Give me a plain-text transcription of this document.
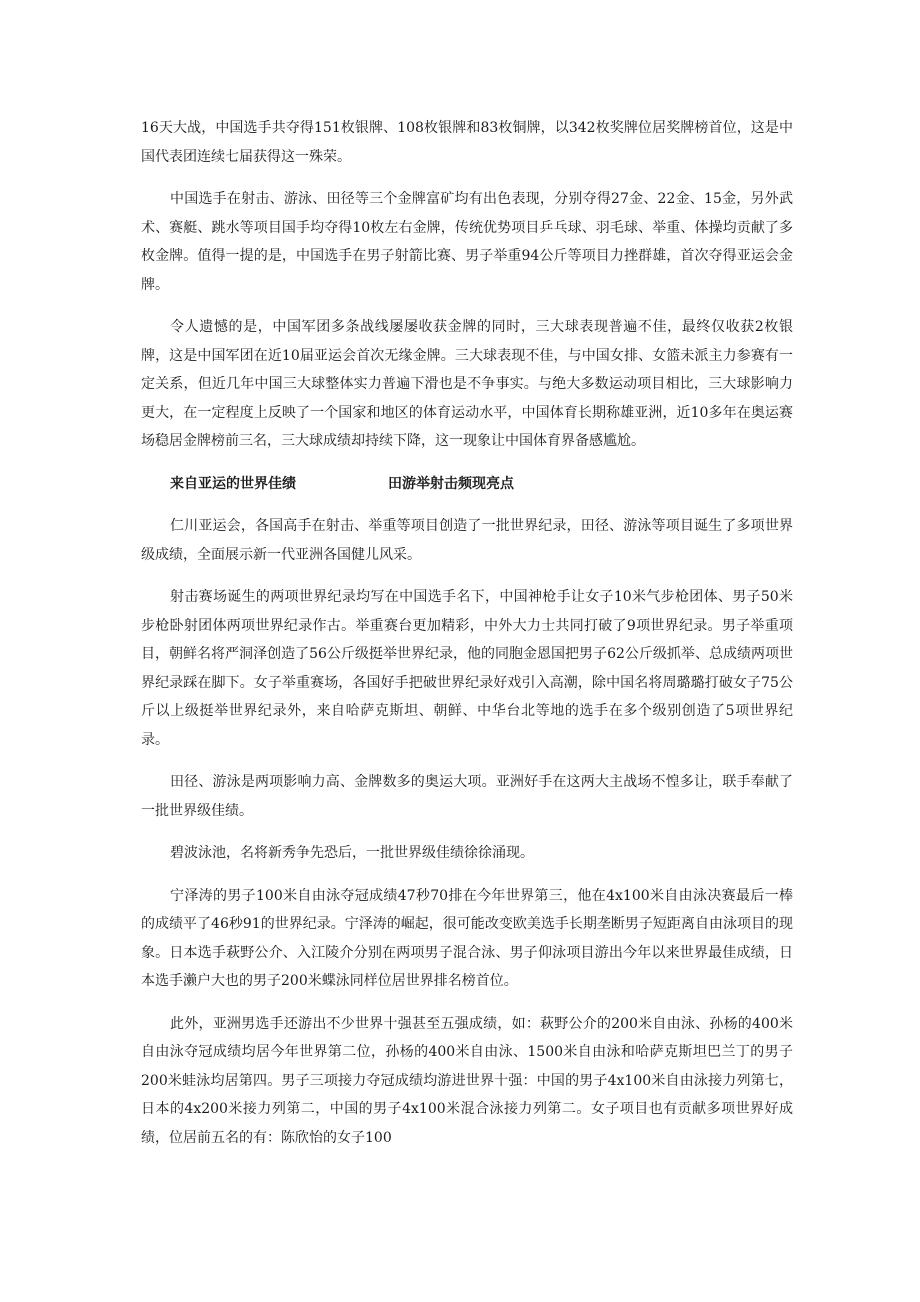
16天大战，中国选手共夺得151枚银牌、108枚银牌和83枚铜牌，以342枚奖牌位居奖牌榜首位，这是中国代表团连续七届获得这一殊荣。

中国选手在射击、游泳、田径等三个金牌富矿均有出色表现，分别夺得27金、22金、15金，另外武术、赛艇、跳水等项目国手均夺得10枚左右金牌，传统优势项目乒乓球、羽毛球、举重、体操均贡献了多枚金牌。值得一提的是，中国选手在男子射箭比赛、男子举重94公斤等项目力挫群雄，首次夺得亚运会金牌。

令人遗憾的是，中国军团多条战线屡屡收获金牌的同时，三大球表现普遍不佳，最终仅收获2枚银牌，这是中国军团在近10届亚运会首次无缘金牌。三大球表现不佳，与中国女排、女篮未派主力参赛有一定关系，但近几年中国三大球整体实力普遍下滑也是不争事实。与绝大多数运动项目相比，三大球影响力更大，在一定程度上反映了一个国家和地区的体育运动水平，中国体育长期称雄亚洲，近10多年在奥运赛场稳居金牌榜前三名，三大球成绩却持续下降，这一现象让中国体育界备感尴尬。

来自亚运的世界佳绩	田游举射击频现亮点

仁川亚运会，各国高手在射击、举重等项目创造了一批世界纪录，田径、游泳等项目诞生了多项世界级成绩，全面展示新一代亚洲各国健儿风采。

射击赛场诞生的两项世界纪录均写在中国选手名下，中国神枪手让女子10米气步枪团体、男子50米步枪卧射团体两项世界纪录作古。举重赛台更加精彩，中外大力士共同打破了9项世界纪录。男子举重项目，朝鲜名将严洞泽创造了56公斤级挺举世界纪录，他的同胞金恩国把男子62公斤级抓举、总成绩两项世界纪录踩在脚下。女子举重赛场，各国好手把破世界纪录好戏引入高潮，除中国名将周璐璐打破女子75公斤以上级挺举世界纪录外，来自哈萨克斯坦、朝鲜、中华台北等地的选手在多个级别创造了5项世界纪录。

田径、游泳是两项影响力高、金牌数多的奥运大项。亚洲好手在这两大主战场不惶多让，联手奉献了一批世界级佳绩。

碧波泳池，名将新秀争先恐后，一批世界级佳绩徐徐涌现。

宁泽涛的男子100米自由泳夺冠成绩47秒70排在今年世界第三，他在4x100米自由泳决赛最后一棒的成绩平了46秒91的世界纪录。宁泽涛的崛起，很可能改变欧美选手长期垄断男子短距离自由泳项目的现象。日本选手萩野公介、入江陵介分别在两项男子混合泳、男子仰泳项目游出今年以来世界最佳成绩，日本选手濑户大也的男子200米蝶泳同样位居世界排名榜首位。

此外，亚洲男选手还游出不少世界十强甚至五强成绩，如：萩野公介的200米自由泳、孙杨的400米自由泳夺冠成绩均居今年世界第二位，孙杨的400米自由泳、1500米自由泳和哈萨克斯坦巴兰丁的男子200米蛙泳均居第四。男子三项接力夺冠成绩均游进世界十强：中国的男子4x100米自由泳接力列第七，日本的4x200米接力列第二，中国的男子4x100米混合泳接力列第二。女子项目也有贡献多项世界好成绩，位居前五名的有：陈欣怡的女子100
